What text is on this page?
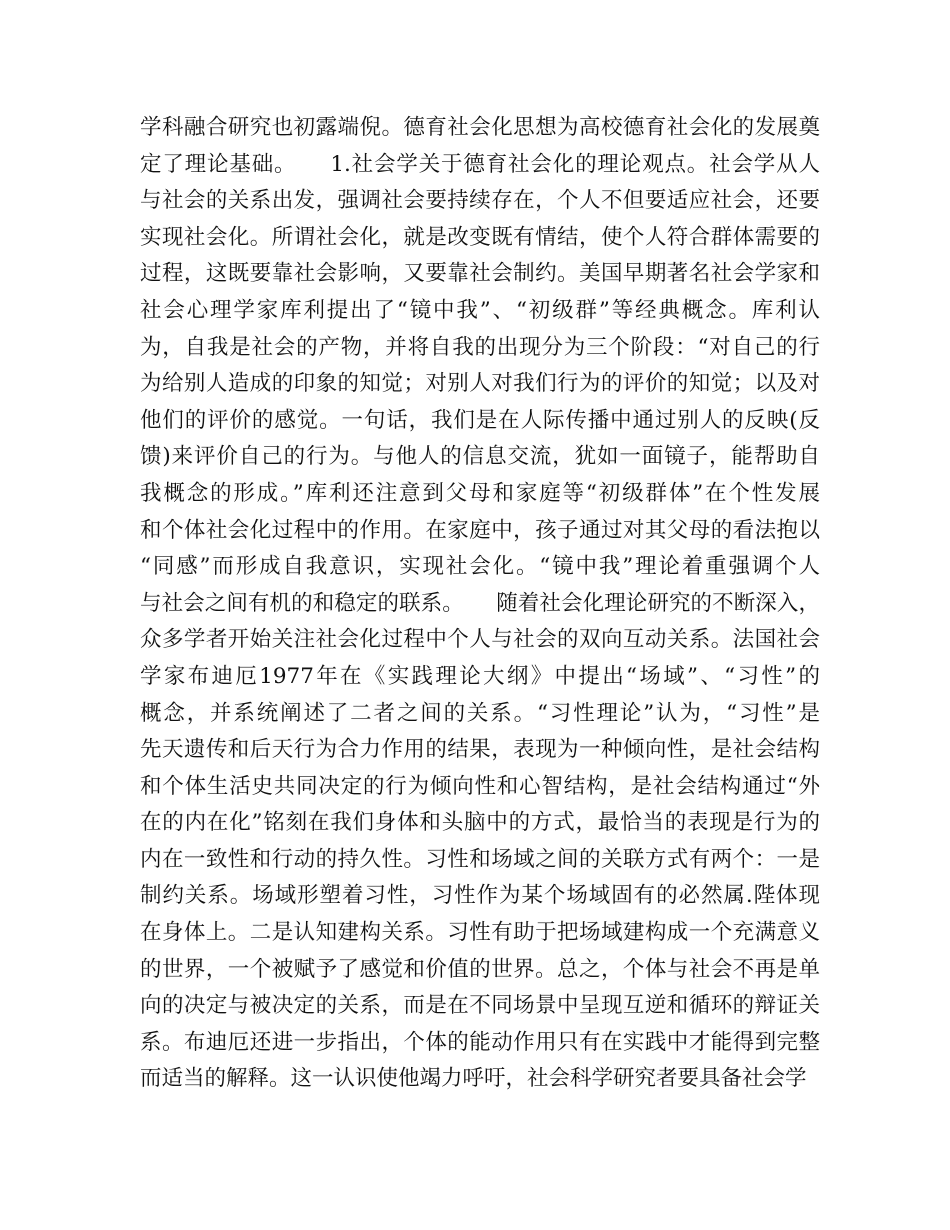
学科融合研究也初露端倪。德育社会化思想为高校德育社会化的发展奠
定了理论基础。　　1.社会学关于德育社会化的理论观点。社会学从人
与社会的关系出发，强调社会要持续存在，个人不但要适应社会，还要
实现社会化。所谓社会化，就是改变既有情结，使个人符合群体需要的
过程，这既要靠社会影响，又要靠社会制约。美国早期著名社会学家和
社会心理学家库利提出了“镜中我”、“初级群”等经典概念。库利认
为，自我是社会的产物，并将自我的出现分为三个阶段：“对自己的行
为给别人造成的印象的知觉；对别人对我们行为的评价的知觉；以及对
他们的评价的感觉。一句话，我们是在人际传播中通过别人的反映(反
馈)来评价自己的行为。与他人的信息交流，犹如一面镜子，能帮助自
我概念的形成。”库利还注意到父母和家庭等“初级群体”在个性发展
和个体社会化过程中的作用。在家庭中，孩子通过对其父母的看法抱以
“同感”而形成自我意识，实现社会化。“镜中我”理论着重强调个人
与社会之间有机的和稳定的联系。　　随着社会化理论研究的不断深入，
众多学者开始关注社会化过程中个人与社会的双向互动关系。法国社会
学家布迪厄1977年在《实践理论大纲》中提出“场域”、“习性”的
概念，并系统阐述了二者之间的关系。“习性理论”认为，“习性”是
先天遗传和后天行为合力作用的结果，表现为一种倾向性，是社会结构
和个体生活史共同决定的行为倾向性和心智结构，是社会结构通过“外
在的内在化”铭刻在我们身体和头脑中的方式，最恰当的表现是行为的
内在一致性和行动的持久性。习性和场域之间的关联方式有两个：一是
制约关系。场域形塑着习性，习性作为某个场域固有的必然属.陛体现
在身体上。二是认知建构关系。习性有助于把场域建构成一个充满意义
的世界，一个被赋予了感觉和价值的世界。总之，个体与社会不再是单
向的决定与被决定的关系，而是在不同场景中呈现互逆和循环的辩证关
系。布迪厄还进一步指出，个体的能动作用只有在实践中才能得到完整
而适当的解释。这一认识使他竭力呼吁，社会科学研究者要具备社会学
